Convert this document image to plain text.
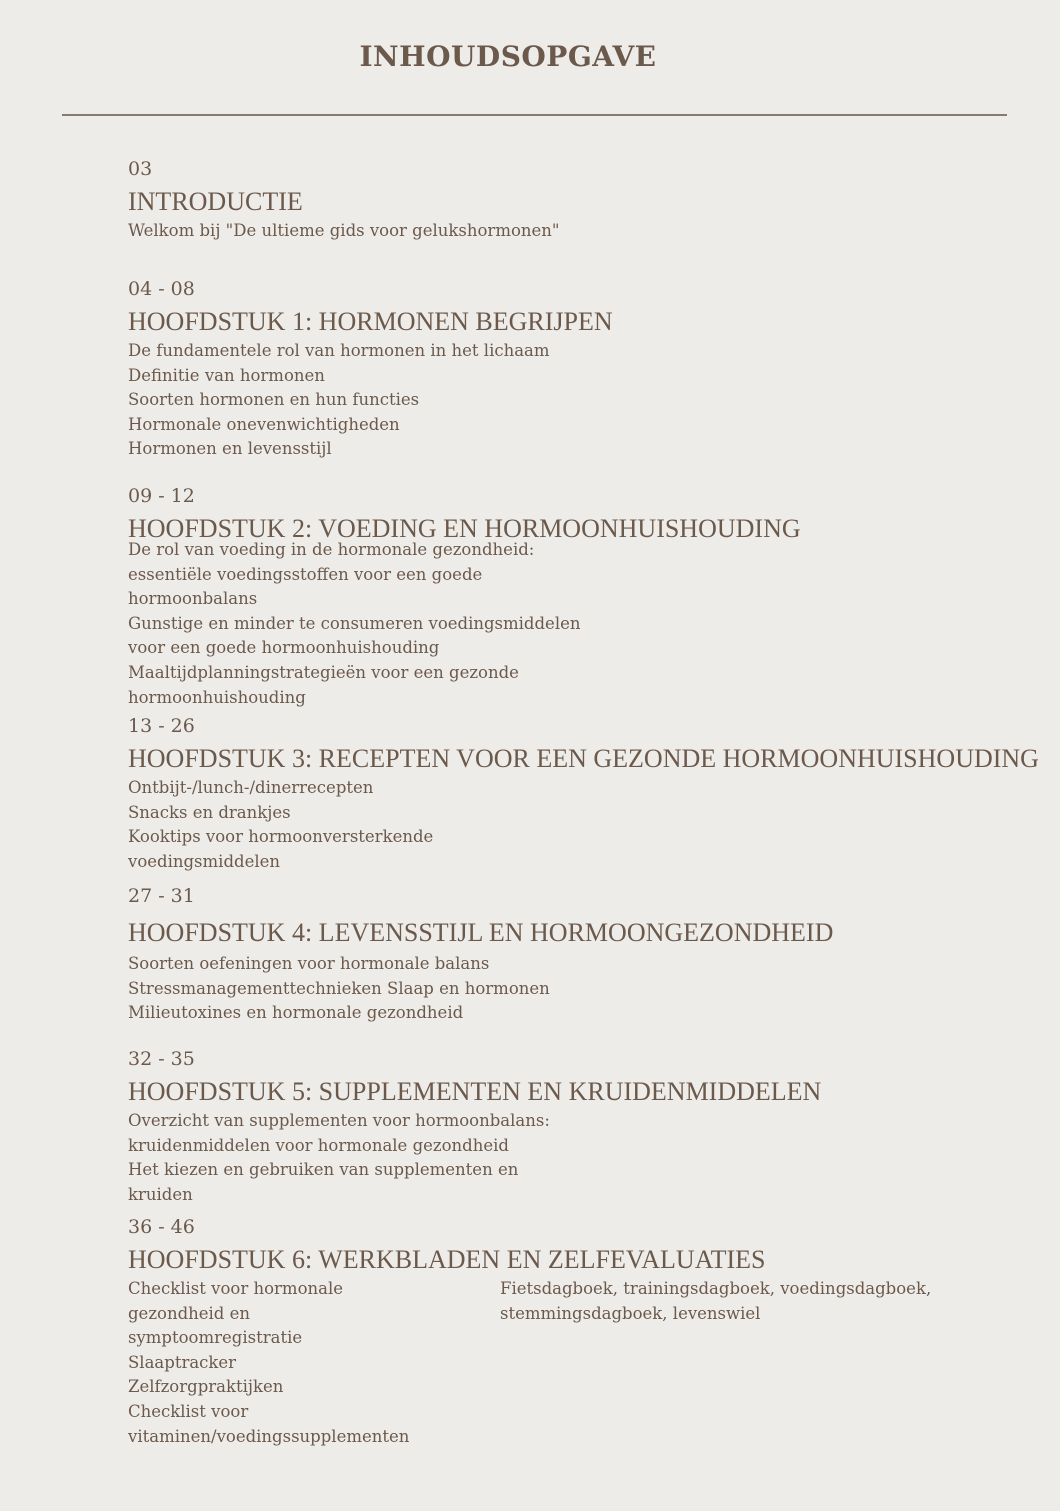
INHOUDSOPGAVE
03
INTRODUCTIE
Welkom bij "De ultieme gids voor gelukshormonen"
04 - 08
HOOFDSTUK 1: HORMONEN BEGRIJPEN
De fundamentele rol van hormonen in het lichaam
Definitie van hormonen
Soorten hormonen en hun functies
Hormonale onevenwichtigheden
Hormonen en levensstijl
09 - 12
HOOFDSTUK 2: VOEDING EN HORMOONHUISHOUDING
De rol van voeding in de hormonale gezondheid:
essentiële voedingsstoffen voor een goede
hormoonbalans
Gunstige en minder te consumeren voedingsmiddelen
voor een goede hormoonhuishouding
Maaltijdplanningstrategieën voor een gezonde
hormoonhuishouding
13 - 26
HOOFDSTUK 3: RECEPTEN VOOR EEN GEZONDE HORMOONHUISHOUDING
Ontbijt-/lunch-/dinerrecepten
Snacks en drankjes
Kooktips voor hormoonversterkende
voedingsmiddelen
27 - 31
HOOFDSTUK 4: LEVENSSTIJL EN HORMOONGEZONDHEID
Soorten oefeningen voor hormonale balans
Stressmanagementtechnieken Slaap en hormonen
Milieutoxines en hormonale gezondheid
32 - 35
HOOFDSTUK 5: SUPPLEMENTEN EN KRUIDENMIDDELEN
Overzicht van supplementen voor hormoonbalans:
kruidenmiddelen voor hormonale gezondheid
Het kiezen en gebruiken van supplementen en
kruiden
36 - 46
HOOFDSTUK 6: WERKBLADEN EN ZELFEVALUATIES
Checklist voor hormonale
gezondheid en
symptoomregistratie
Slaaptracker
Zelfzorgpraktijken
Checklist voor
vitaminen/voedingssupplementen
Fietsdagboek, trainingsdagboek, voedingsdagboek,
stemmingsdagboek, levenswiel
